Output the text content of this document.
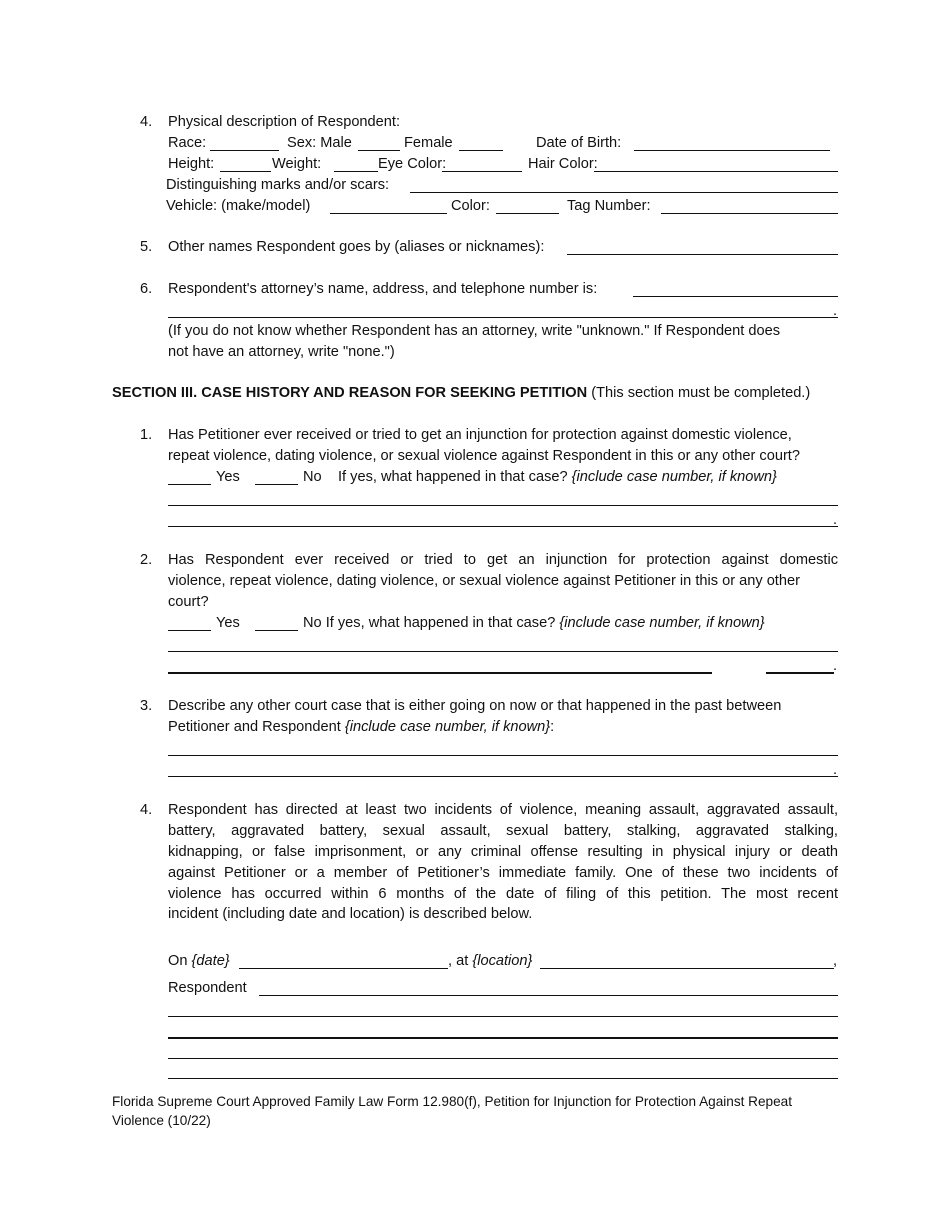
4. Physical description of Respondent:
Race:	Sex: Male	Female	Date of Birth:
Height:	Weight:	Eye Color:	Hair Color:
Distinguishing marks and/or scars:
Vehicle: (make/model)	Color:	Tag Number:
5. Other names Respondent goes by (aliases or nicknames):
6. Respondent's attorney’s name, address, and telephone number is:
.
(If you do not know whether Respondent has an attorney, write "unknown." If Respondent does
not have an attorney, write "none.")
SECTION III. CASE HISTORY AND REASON FOR SEEKING PETITION (This section must be completed.)
1. Has Petitioner ever received or tried to get an injunction for protection against domestic violence,
repeat violence, dating violence, or sexual violence against Respondent in this or any other court?
Yes	No If yes, what happened in that case? {include case number, if known}
.
2. Has Respondent ever received or tried to get an injunction for protection against domestic
violence, repeat violence, dating violence, or sexual violence against Petitioner in this or any other
court?
Yes	No If yes, what happened in that case? {include case number, if known}
.
3. Describe any other court case that is either going on now or that happened in the past between
Petitioner and Respondent {include case number, if known}:
.
4. Respondent has directed at least two incidents of violence, meaning assault, aggravated assault,
battery, aggravated battery, sexual assault, sexual battery, stalking, aggravated stalking,
kidnapping, or false imprisonment, or any criminal offense resulting in physical injury or death
against Petitioner or a member of Petitioner’s immediate family. One of these two incidents of
violence has occurred within 6 months of the date of filing of this petition. The most recent
incident (including date and location) is described below.
On {date}	, at {location}	,
Respondent
Florida Supreme Court Approved Family Law Form 12.980(f), Petition for Injunction for Protection Against Repeat
Violence (10/22)
